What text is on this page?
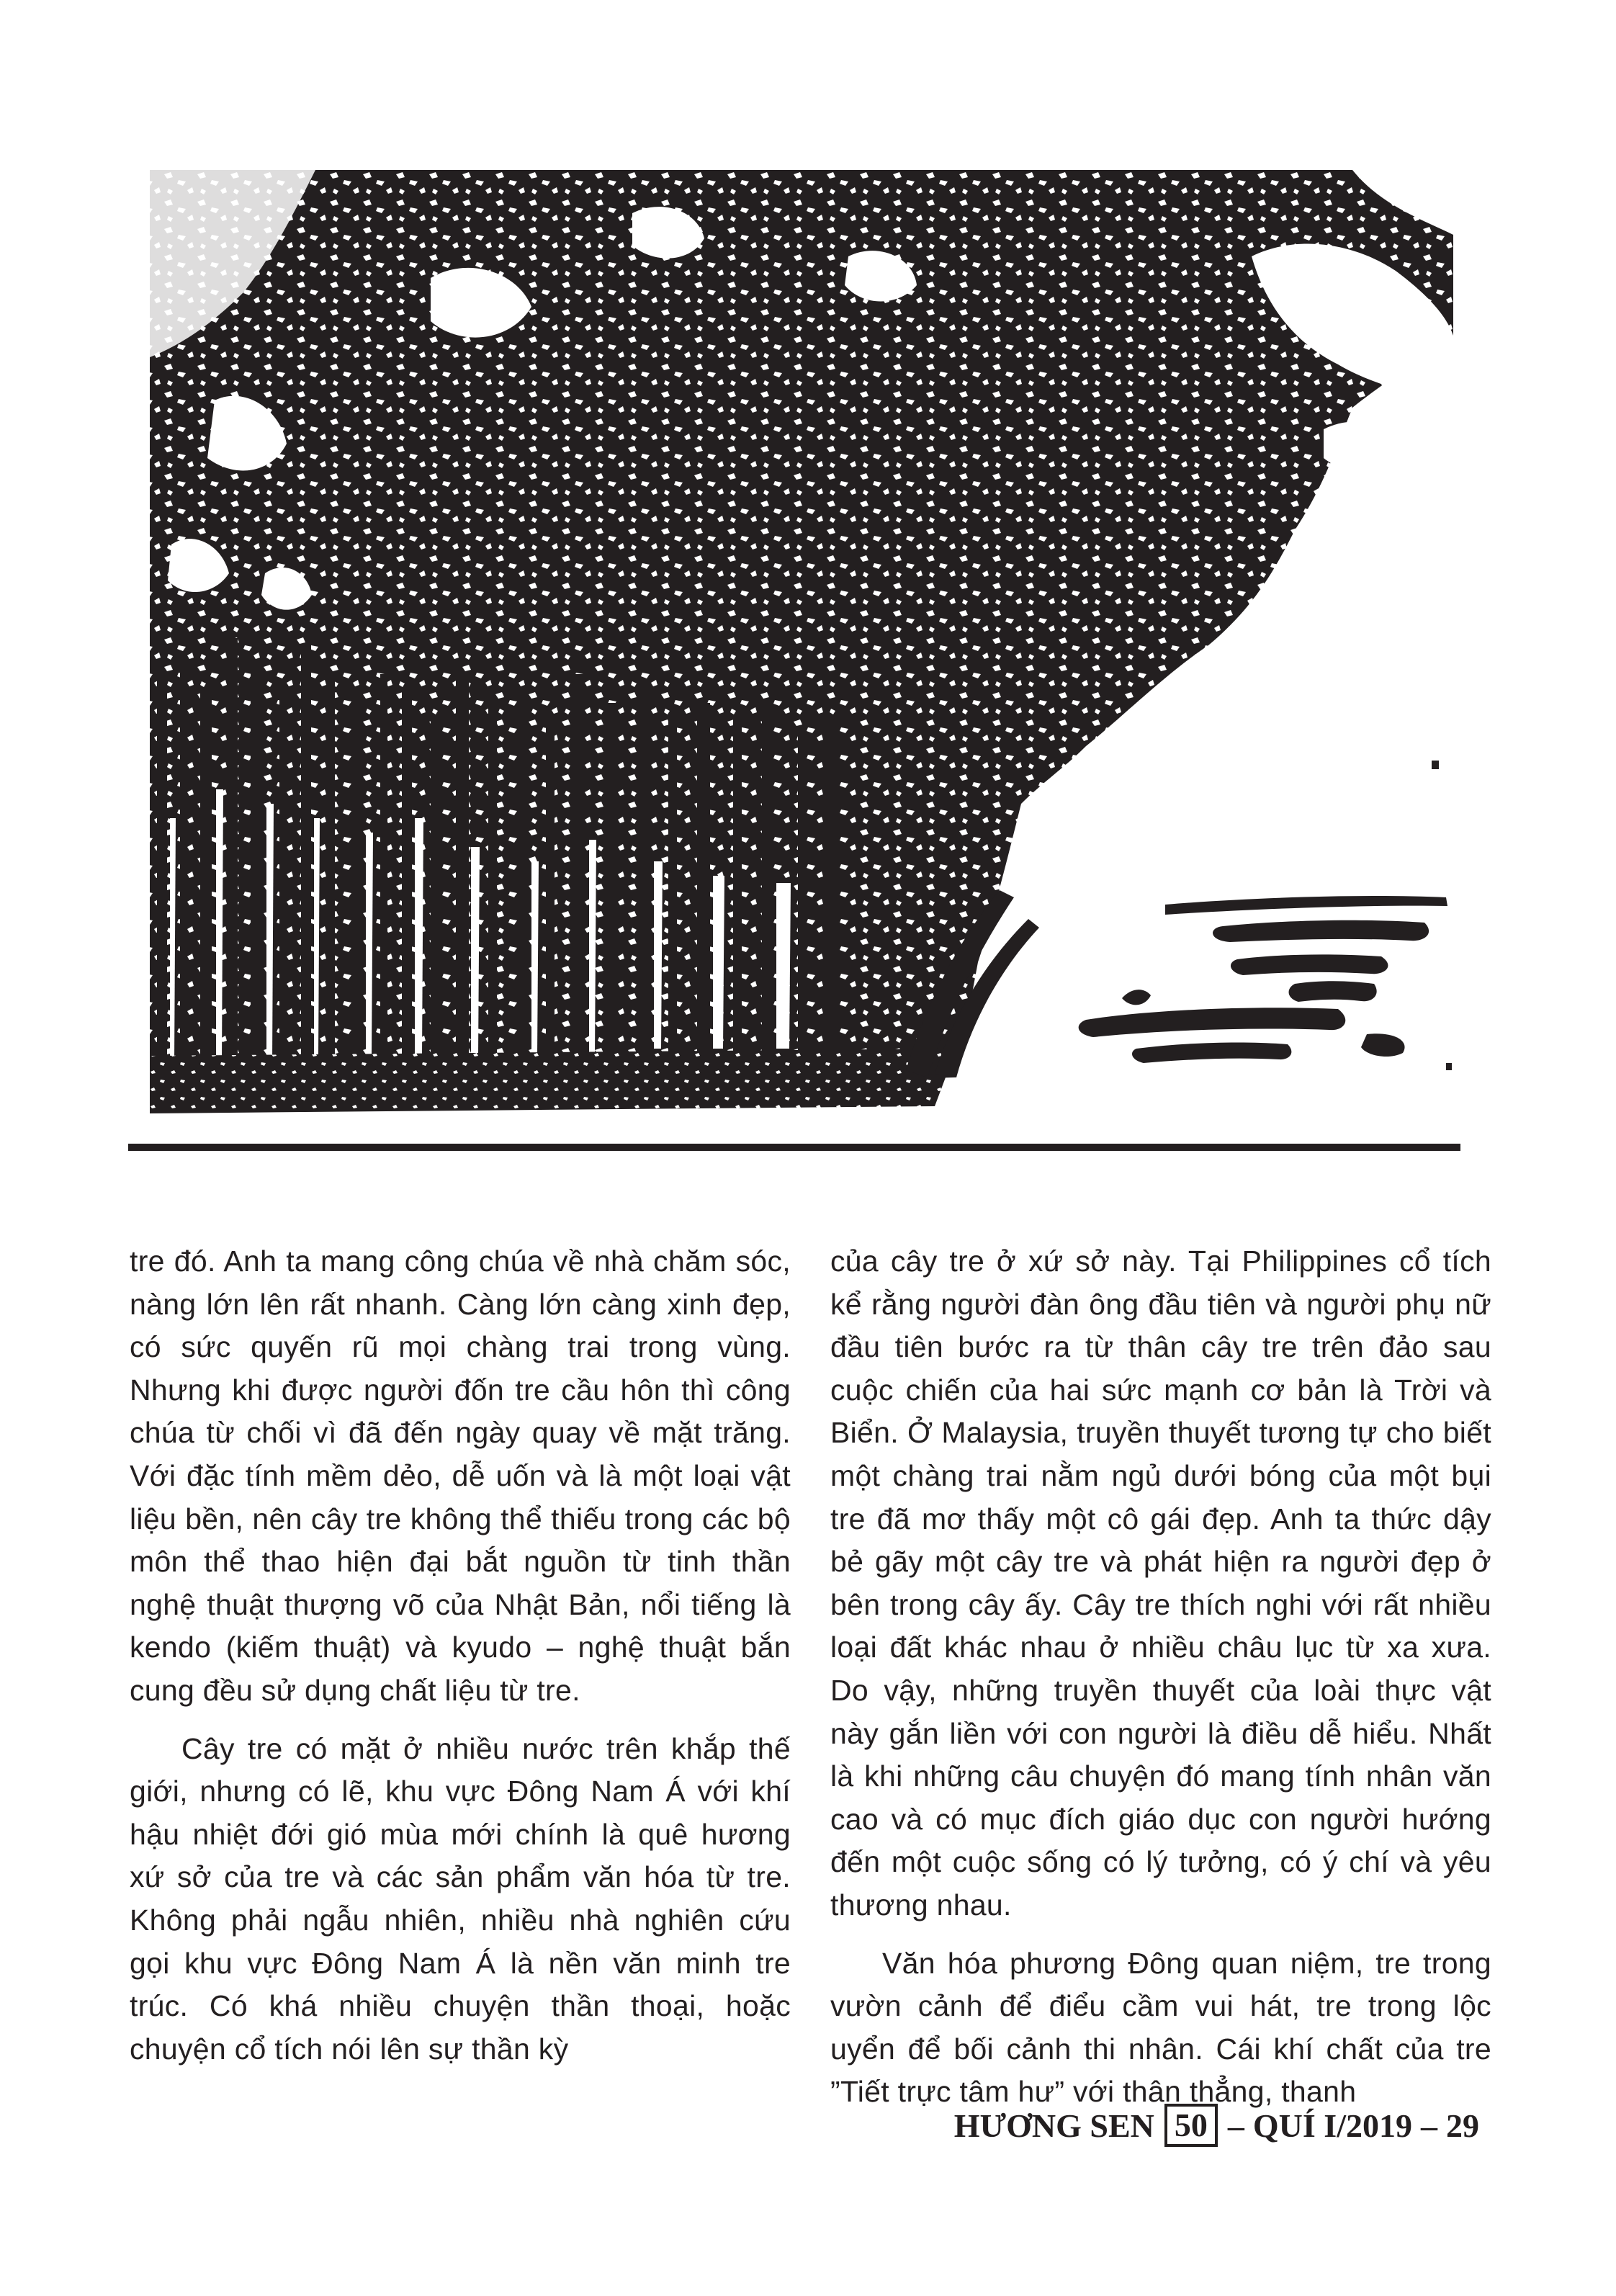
tre đó. Anh ta mang công chúa về nhà chăm sóc, nàng lớn lên rất nhanh. Càng lớn càng xinh đẹp, có sức quyến rũ mọi chàng trai trong vùng. Nhưng khi được người đốn tre cầu hôn thì công chúa từ chối vì đã đến ngày quay về mặt trăng. Với đặc tính mềm dẻo, dễ uốn và là một loại vật liệu bền, nên cây tre không thể thiếu trong các bộ môn thể thao hiện đại bắt nguồn từ tinh thần nghệ thuật thượng võ của Nhật Bản, nổi tiếng là kendo (kiếm thuật) và kyudo – nghệ thuật bắn cung đều sử dụng chất liệu từ tre.

Cây tre có mặt ở nhiều nước trên khắp thế giới, nhưng có lẽ, khu vực Đông Nam Á với khí hậu nhiệt đới gió mùa mới chính là quê hương xứ sở của tre và các sản phẩm văn hóa từ tre. Không phải ngẫu nhiên, nhiều nhà nghiên cứu gọi khu vực Đông Nam Á là nền văn minh tre trúc. Có khá nhiều chuyện thần thoại, hoặc chuyện cổ tích nói lên sự thần kỳ

của cây tre ở xứ sở này. Tại Philippines cổ tích kể rằng người đàn ông đầu tiên và người phụ nữ đầu tiên bước ra từ thân cây tre trên đảo sau cuộc chiến của hai sức mạnh cơ bản là Trời và Biển. Ở Malaysia, truyền thuyết tương tự cho biết một chàng trai nằm ngủ dưới bóng của một bụi tre đã mơ thấy một cô gái đẹp. Anh ta thức dậy bẻ gãy một cây tre và phát hiện ra người đẹp ở bên trong cây ấy. Cây tre thích nghi với rất nhiều loại đất khác nhau ở nhiều châu lục từ xa xưa. Do vậy, những truyền thuyết của loài thực vật này gắn liền với con người là điều dễ hiểu. Nhất là khi những câu chuyện đó mang tính nhân văn cao và có mục đích giáo dục con người hướng đến một cuộc sống có lý tưởng, có ý chí và yêu thương nhau.

Văn hóa phương Đông quan niệm, tre trong vườn cảnh để điểu cầm vui hát, tre trong lộc uyển để bối cảnh thi nhân. Cái khí chất của tre ”Tiết trực tâm hư” với thân thẳng, thanh

HƯƠNG SEN 50 – QUÍ I/2019 – 29
